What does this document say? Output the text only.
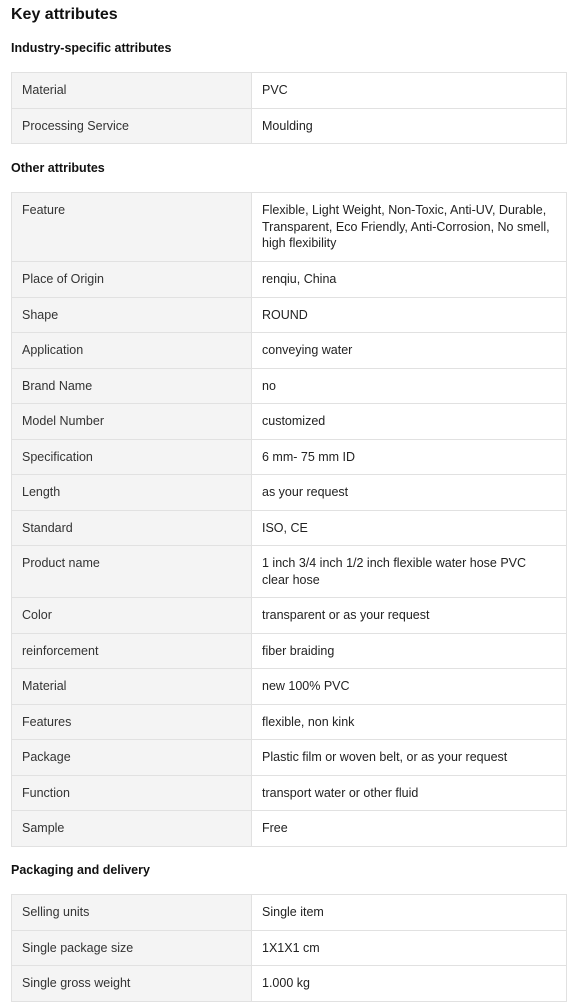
Key attributes
Industry-specific attributes
Material	PVC

Processing Service	Moulding
Other attributes
Feature	Flexible, Light Weight, Non-Toxic, Anti-UV, Durable, Transparent, Eco Friendly, Anti-Corrosion, No smell, high flexibility

Place of Origin	renqiu, China

Shape	ROUND

Application	conveying water

Brand Name	no

Model Number	customized

Specification	6 mm- 75 mm ID

Length	as your request

Standard	ISO, CE

Product name	1 inch 3/4 inch 1/2 inch flexible water hose PVC clear hose

Color	transparent or as your request

reinforcement	fiber braiding

Material	new 100% PVC

Features	flexible, non kink

Package	Plastic film or woven belt, or as your request

Function	transport water or other fluid

Sample	Free
Packaging and delivery
Selling units	Single item

Single package size	1X1X1 cm

Single gross weight	1.000 kg
